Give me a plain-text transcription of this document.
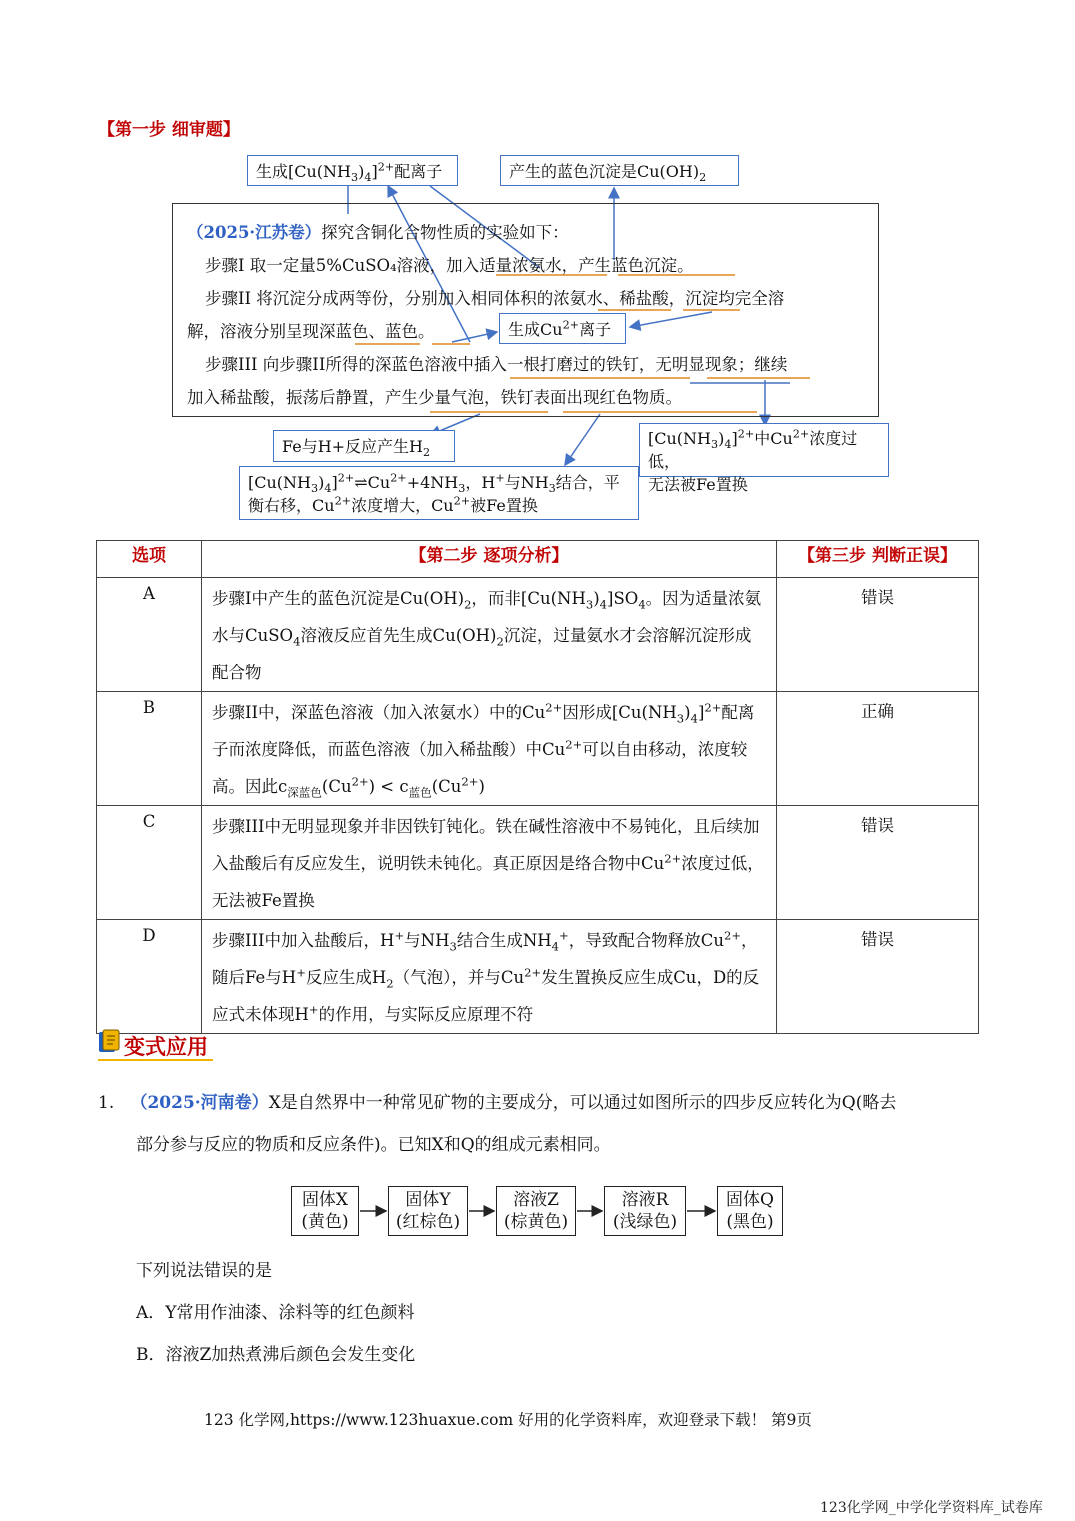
【第一步 细审题】
生成$[Cu(NH_3)_4]^{2+}$配离子	产生的蓝色沉淀是$Cu(OH)_2$
生成$Cu^{2+}$离子
Fe与H+反应产生$H_2$
$[Cu(NH_3)_4]^{2+}$中$Cu^{2+}$浓度过低，
无法被Fe置换
$[Cu(NH_3)_4]^{2+}\rightleftharpoons Cu^{2+}+4NH_3$，H+与$NH_3$结合，平
衡右移，$Cu^{2+}$浓度增大，$Cu^{2+}$被Fe置换
（2025·江苏卷）探究含铜化合物性质的实验如下：
步骤I 取一定量5%CuSO₄溶液，加入适量浓氨水，产生蓝色沉淀。
步骤II 将沉淀分成两等份，分别加入相同体积的浓氨水、稀盐酸，沉淀均完全溶
解，溶液分别呈现深蓝色、蓝色。
步骤III 向步骤II所得的深蓝色溶液中插入一根打磨过的铁钉，无明显现象；继续
加入稀盐酸，振荡后静置，产生少量气泡，铁钉表面出现红色物质。
选项	【第二步 逐项分析】	【第三步 判断正误】
A	步骤I中产生的蓝色沉淀是$Cu(OH)_2$，而非$[Cu(NH_3)_4]SO_4$。因为适量浓氨水与CuSO$_4$溶液反应首先生成$Cu(OH)_2$沉淀，过量氨水才会溶解沉淀形成配合物	错误
B	步骤II中，深蓝色溶液（加入浓氨水）中的$Cu^{2+}$因形成$[Cu(NH_3)_4]^{2+}$配离子而浓度降低，而蓝色溶液（加入稀盐酸）中$Cu^{2+}$可以自由移动，浓度较高。因此$c_{深蓝色}(Cu^{2+}) < c_{蓝色}(Cu^{2+})$	正确
C	步骤III中无明显现象并非因铁钉钝化。铁在碱性溶液中不易钝化，且后续加入盐酸后有反应发生，说明铁未钝化。真正原因是络合物中$Cu^{2+}$浓度过低，无法被Fe置换	错误
D	步骤III中加入盐酸后，H+与$NH_3$结合生成$NH_4^+$，导致配合物释放$Cu^{2+}$，随后Fe与H+反应生成$H_2$（气泡），并与$Cu^{2+}$发生置换反应生成Cu，D的反应式未体现H+的作用，与实际反应原理不符	错误
变式应用
1. （2025·河南卷）X是自然界中一种常见矿物的主要成分，可以通过如图所示的四步反应转化为Q(略去
部分参与反应的物质和反应条件)。已知X和Q的组成元素相同。
固体X
(黄色)
固体Y
(红棕色)
溶液Z
(棕黄色)
溶液R
(浅绿色)
固体Q
(黑色)
下列说法错误的是
A．Y常用作油漆、涂料等的红色颜料
B．溶液Z加热煮沸后颜色会发生变化
123 化学网,https://www.123huaxue.com 好用的化学资料库，欢迎登录下载！ 第9页
123化学网_中学化学资料库_试卷库
